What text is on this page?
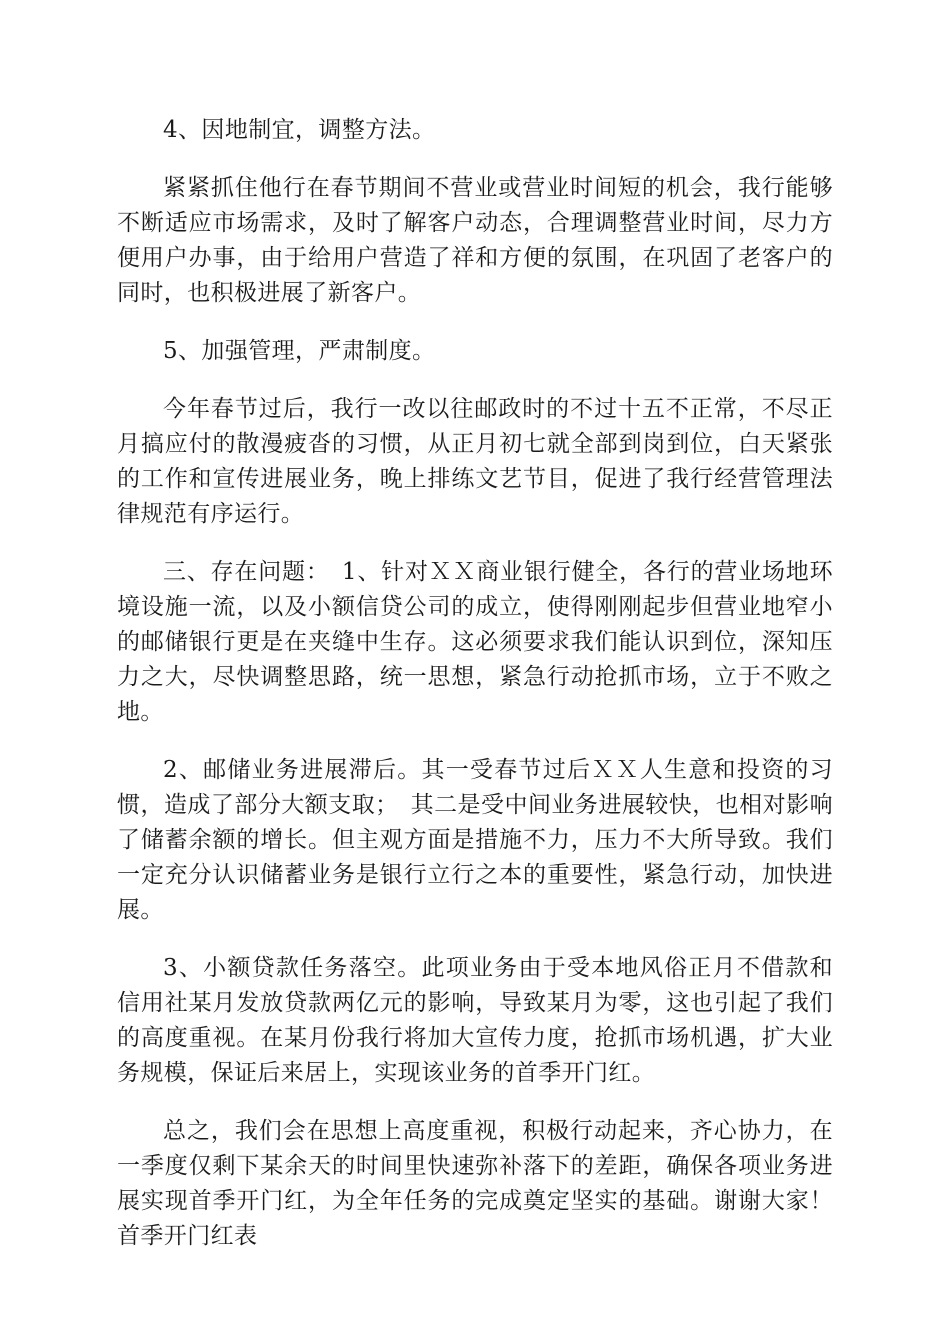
4、因地制宜，调整方法。

紧紧抓住他行在春节期间不营业或营业时间短的机会，我行能够不断适应市场需求，及时了解客户动态，合理调整营业时间，尽力方便用户办事，由于给用户营造了祥和方便的氛围，在巩固了老客户的同时，也积极进展了新客户。

5、加强管理，严肃制度。

今年春节过后，我行一改以往邮政时的不过十五不正常，不尽正月搞应付的散漫疲沓的习惯，从正月初七就全部到岗到位，白天紧张的工作和宣传进展业务，晚上排练文艺节目，促进了我行经营管理法律规范有序运行。

三、存在问题：　1、针对ＸＸ商业银行健全，各行的营业场地环境设施一流，以及小额信贷公司的成立，使得刚刚起步但营业地窄小的邮储银行更是在夹缝中生存。这必须要求我们能认识到位，深知压力之大，尽快调整思路，统一思想，紧急行动抢抓市场，立于不败之地。

2、邮储业务进展滞后。其一受春节过后ＸＸ人生意和投资的习惯，造成了部分大额支取；　其二是受中间业务进展较快，也相对影响了储蓄余额的增长。但主观方面是措施不力，压力不大所导致。我们一定充分认识储蓄业务是银行立行之本的重要性，紧急行动，加快进展。

3、小额贷款任务落空。此项业务由于受本地风俗正月不借款和信用社某月发放贷款两亿元的影响，导致某月为零，这也引起了我们的高度重视。在某月份我行将加大宣传力度，抢抓市场机遇，扩大业务规模，保证后来居上，实现该业务的首季开门红。

总之，我们会在思想上高度重视，积极行动起来，齐心协力，在一季度仅剩下某余天的时间里快速弥补落下的差距，确保各项业务进展实现首季开门红，为全年任务的完成奠定坚实的基础。谢谢大家！首季开门红表
